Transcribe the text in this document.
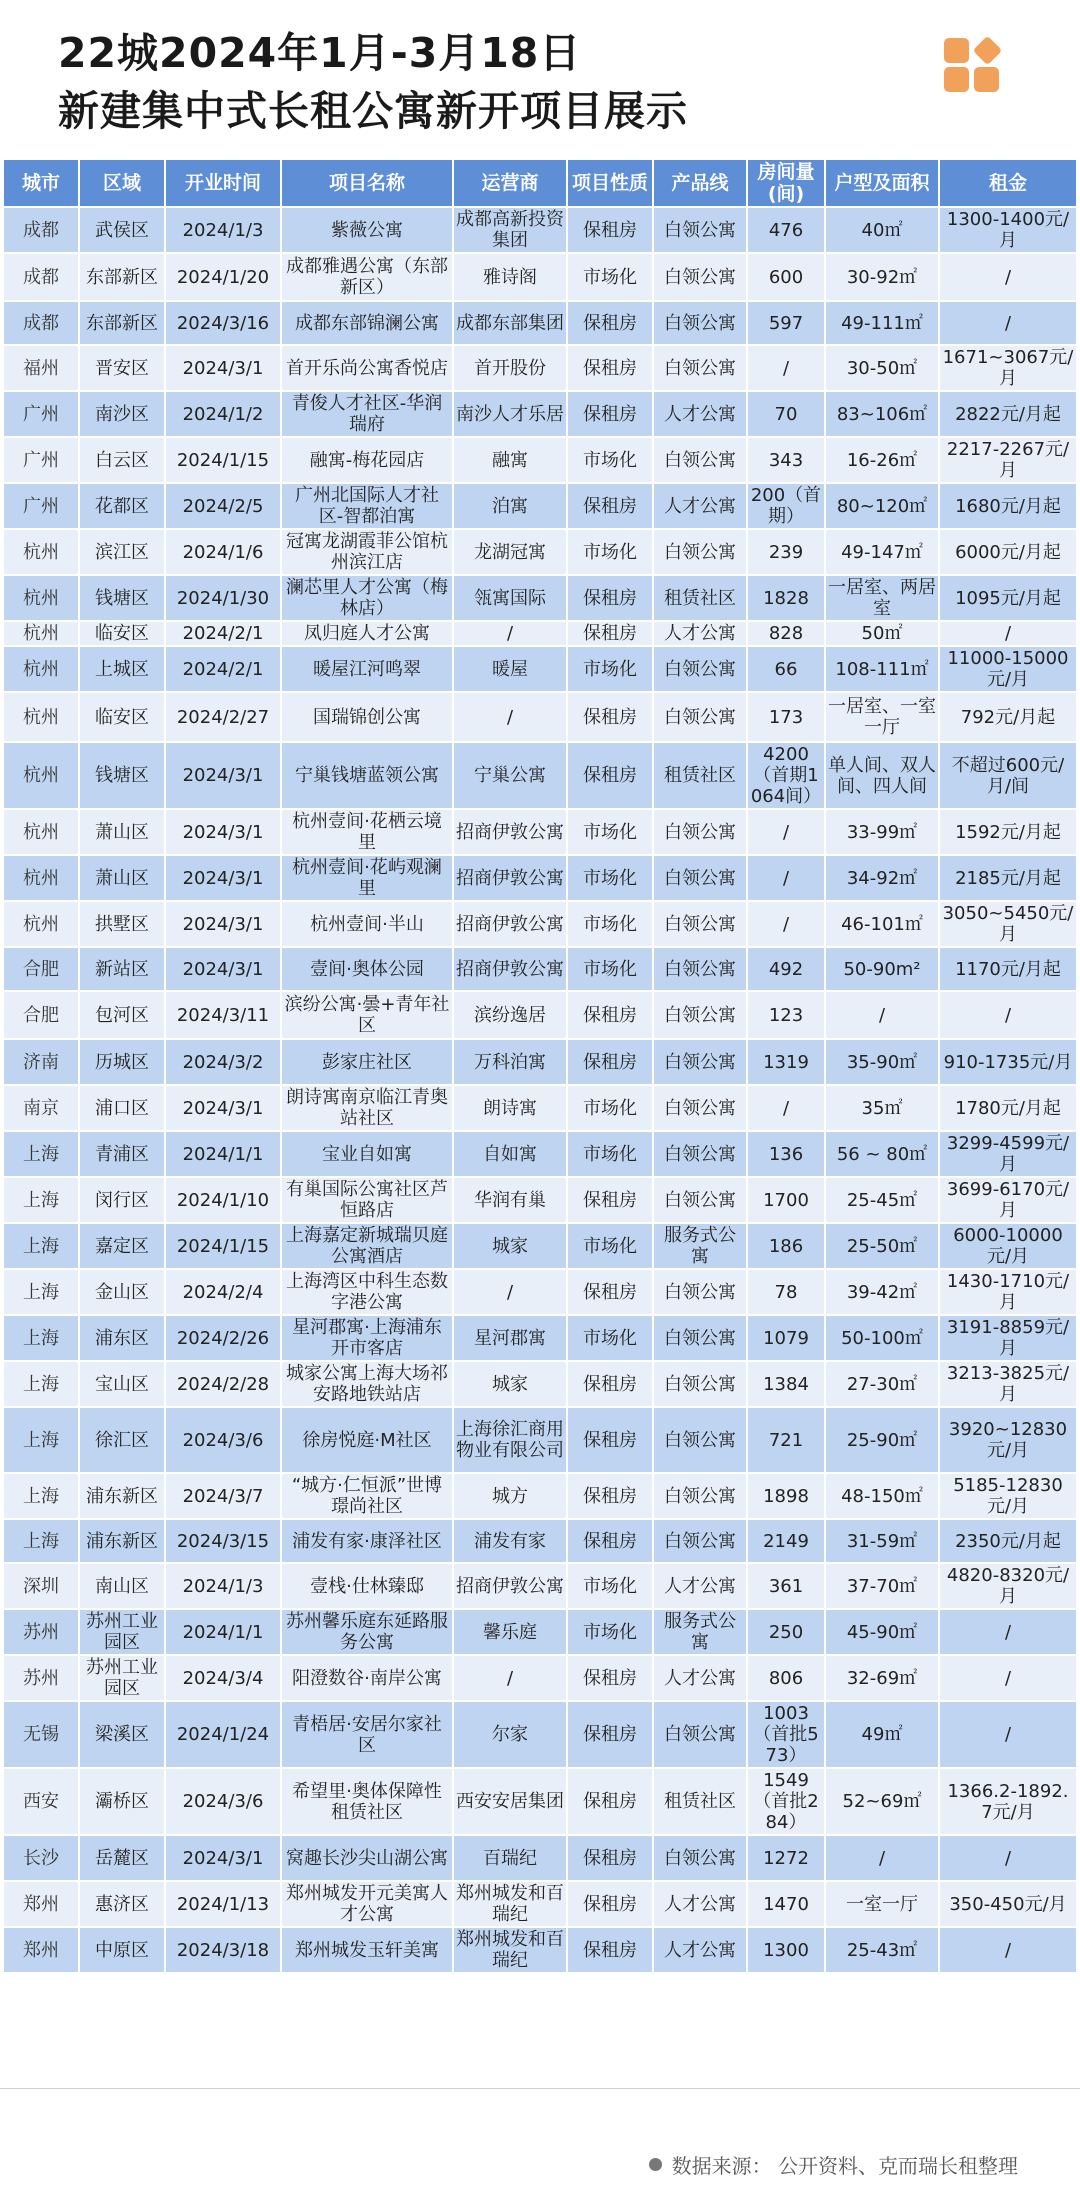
22城2024年1月-3月18日
新建集中式长租公寓新开项目展示
城市	区域	开业时间	项目名称	运营商	项目性质	产品线	房间量(间)	户型及面积	租金
成都	武侯区	2024/1/3	紫薇公寓	成都高新投资集团	保租房	白领公寓	476	40㎡	1300-1400元/月
成都	东部新区	2024/1/20	成都雅遇公寓（东部新区）	雅诗阁	市场化	白领公寓	600	30-92㎡	/
成都	东部新区	2024/3/16	成都东部锦澜公寓	成都东部集团	保租房	白领公寓	597	49-111㎡	/
福州	晋安区	2024/3/1	首开乐尚公寓香悦店	首开股份	保租房	白领公寓	/	30-50㎡	1671~3067元/月
广州	南沙区	2024/1/2	青俊人才社区-华润瑞府	南沙人才乐居	保租房	人才公寓	70	83~106㎡	2822元/月起
广州	白云区	2024/1/15	融寓-梅花园店	融寓	市场化	白领公寓	343	16-26㎡	2217-2267元/月
广州	花都区	2024/2/5	广州北国际人才社区-智都泊寓	泊寓	保租房	人才公寓	200（首期）	80~120㎡	1680元/月起
杭州	滨江区	2024/1/6	冠寓龙湖霞菲公馆杭州滨江店	龙湖冠寓	市场化	白领公寓	239	49-147㎡	6000元/月起
杭州	钱塘区	2024/1/30	澜芯里人才公寓（梅林店）	瓴寓国际	保租房	租赁社区	1828	一居室、两居室	1095元/月起
杭州	临安区	2024/2/1	凤归庭人才公寓	/	保租房	人才公寓	828	50㎡	/
杭州	上城区	2024/2/1	暖屋江河鸣翠	暖屋	市场化	白领公寓	66	108-111㎡	11000-15000元/月
杭州	临安区	2024/2/27	国瑞锦创公寓	/	保租房	白领公寓	173	一居室、一室一厅	792元/月起
杭州	钱塘区	2024/3/1	宁巢钱塘蓝领公寓	宁巢公寓	保租房	租赁社区	4200（首期1064间）	单人间、双人间、四人间	不超过600元/月/间
杭州	萧山区	2024/3/1	杭州壹间·花栖云境里	招商伊敦公寓	市场化	白领公寓	/	33-99㎡	1592元/月起
杭州	萧山区	2024/3/1	杭州壹间·花屿观澜里	招商伊敦公寓	市场化	白领公寓	/	34-92㎡	2185元/月起
杭州	拱墅区	2024/3/1	杭州壹间·半山	招商伊敦公寓	市场化	白领公寓	/	46-101㎡	3050~5450元/月
合肥	新站区	2024/3/1	壹间·奥体公园	招商伊敦公寓	市场化	白领公寓	492	50-90m²	1170元/月起
合肥	包河区	2024/3/11	滨纷公寓·曇+青年社区	滨纷逸居	保租房	白领公寓	123	/	/
济南	历城区	2024/3/2	彭家庄社区	万科泊寓	保租房	白领公寓	1319	35-90㎡	910-1735元/月
南京	浦口区	2024/3/1	朗诗寓南京临江青奥站社区	朗诗寓	市场化	白领公寓	/	35㎡	1780元/月起
上海	青浦区	2024/1/1	宝业自如寓	自如寓	市场化	白领公寓	136	56 ~ 80㎡	3299-4599元/月
上海	闵行区	2024/1/10	有巢国际公寓社区芦恒路店	华润有巢	保租房	白领公寓	1700	25-45㎡	3699-6170元/月
上海	嘉定区	2024/1/15	上海嘉定新城瑞贝庭公寓酒店	城家	市场化	服务式公寓	186	25-50㎡	6000-10000元/月
上海	金山区	2024/2/4	上海湾区中科生态数字港公寓	/	保租房	白领公寓	78	39-42㎡	1430-1710元/月
上海	浦东区	2024/2/26	星河郡寓·上海浦东开市客店	星河郡寓	市场化	白领公寓	1079	50-100㎡	3191-8859元/月
上海	宝山区	2024/2/28	城家公寓上海大场祁安路地铁站店	城家	保租房	白领公寓	1384	27-30㎡	3213-3825元/月
上海	徐汇区	2024/3/6	徐房悦庭·M社区	上海徐汇商用物业有限公司	保租房	白领公寓	721	25-90㎡	3920~12830元/月
上海	浦东新区	2024/3/7	“城方·仁恒派”世博璟尚社区	城方	保租房	白领公寓	1898	48-150㎡	5185-12830元/月
上海	浦东新区	2024/3/15	浦发有家·康泽社区	浦发有家	保租房	白领公寓	2149	31-59㎡	2350元/月起
深圳	南山区	2024/1/3	壹栈·仕林臻邸	招商伊敦公寓	市场化	人才公寓	361	37-70㎡	4820-8320元/月
苏州	苏州工业园区	2024/1/1	苏州馨乐庭东延路服务公寓	馨乐庭	市场化	服务式公寓	250	45-90㎡	/
苏州	苏州工业园区	2024/3/4	阳澄数谷·南岸公寓	/	保租房	人才公寓	806	32-69㎡	/
无锡	梁溪区	2024/1/24	青梧居·安居尔家社区	尔家	保租房	白领公寓	1003（首批573）	49㎡	/
西安	灞桥区	2024/3/6	希望里·奥体保障性租赁社区	西安安居集团	保租房	租赁社区	1549（首批284）	52~69㎡	1366.2-1892.7元/月
长沙	岳麓区	2024/3/1	窝趣长沙尖山湖公寓	百瑞纪	保租房	白领公寓	1272	/	/
郑州	惠济区	2024/1/13	郑州城发开元美寓人才公寓	郑州城发和百瑞纪	保租房	人才公寓	1470	一室一厅	350-450元/月
郑州	中原区	2024/3/18	郑州城发玉轩美寓	郑州城发和百瑞纪	保租房	人才公寓	1300	25-43㎡	/
数据来源： 公开资料、克而瑞长租整理
